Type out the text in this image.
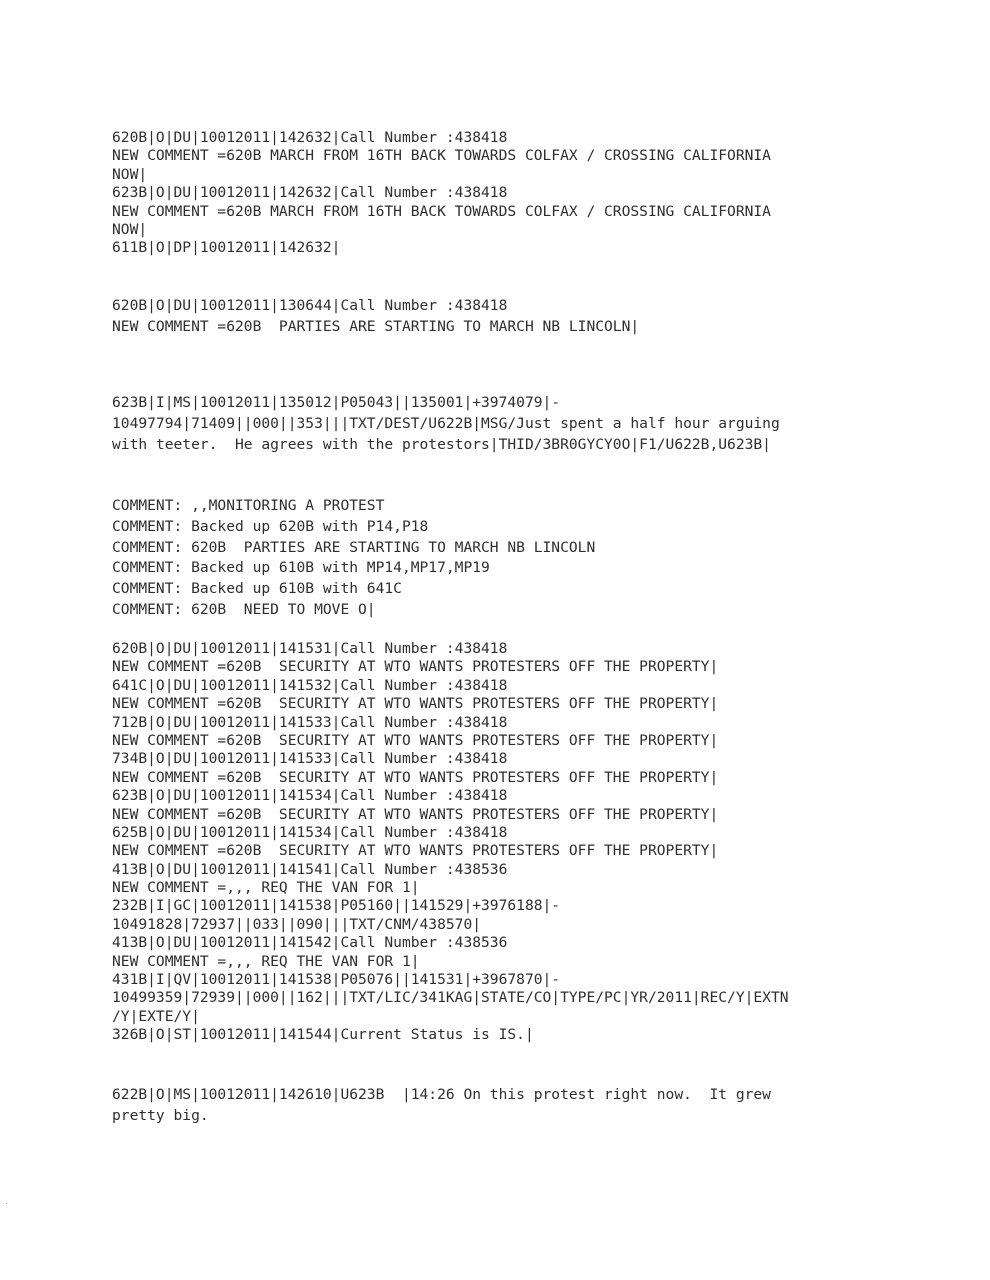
620B|O|DU|10012011|142632|Call Number :438418
NEW COMMENT =620B MARCH FROM 16TH BACK TOWARDS COLFAX / CROSSING CALIFORNIA
NOW|
623B|O|DU|10012011|142632|Call Number :438418
NEW COMMENT =620B MARCH FROM 16TH BACK TOWARDS COLFAX / CROSSING CALIFORNIA
NOW|
611B|O|DP|10012011|142632|
620B|O|DU|10012011|130644|Call Number :438418
NEW COMMENT =620B  PARTIES ARE STARTING TO MARCH NB LINCOLN|
623B|I|MS|10012011|135012|P05043||135001|+3974079|-
10497794|71409||000||353|||TXT/DEST/U622B|MSG/Just spent a half hour arguing
with teeter.  He agrees with the protestors|THID/3BR0GYCY0O|F1/U622B,U623B|
COMMENT: ,,MONITORING A PROTEST
COMMENT: Backed up 620B with P14,P18
COMMENT: 620B  PARTIES ARE STARTING TO MARCH NB LINCOLN
COMMENT: Backed up 610B with MP14,MP17,MP19
COMMENT: Backed up 610B with 641C
COMMENT: 620B  NEED TO MOVE O|
620B|O|DU|10012011|141531|Call Number :438418
NEW COMMENT =620B  SECURITY AT WTO WANTS PROTESTERS OFF THE PROPERTY|
641C|O|DU|10012011|141532|Call Number :438418
NEW COMMENT =620B  SECURITY AT WTO WANTS PROTESTERS OFF THE PROPERTY|
712B|O|DU|10012011|141533|Call Number :438418
NEW COMMENT =620B  SECURITY AT WTO WANTS PROTESTERS OFF THE PROPERTY|
734B|O|DU|10012011|141533|Call Number :438418
NEW COMMENT =620B  SECURITY AT WTO WANTS PROTESTERS OFF THE PROPERTY|
623B|O|DU|10012011|141534|Call Number :438418
NEW COMMENT =620B  SECURITY AT WTO WANTS PROTESTERS OFF THE PROPERTY|
625B|O|DU|10012011|141534|Call Number :438418
NEW COMMENT =620B  SECURITY AT WTO WANTS PROTESTERS OFF THE PROPERTY|
413B|O|DU|10012011|141541|Call Number :438536
NEW COMMENT =,,, REQ THE VAN FOR 1|
232B|I|GC|10012011|141538|P05160||141529|+3976188|-
10491828|72937||033||090|||TXT/CNM/438570|
413B|O|DU|10012011|141542|Call Number :438536
NEW COMMENT =,,, REQ THE VAN FOR 1|
431B|I|QV|10012011|141538|P05076||141531|+3967870|-
10499359|72939||000||162|||TXT/LIC/341KAG|STATE/CO|TYPE/PC|YR/2011|REC/Y|EXTN
/Y|EXTE/Y|
326B|O|ST|10012011|141544|Current Status is IS.|
622B|O|MS|10012011|142610|U623B  |14:26 On this protest right now.  It grew
pretty big.
